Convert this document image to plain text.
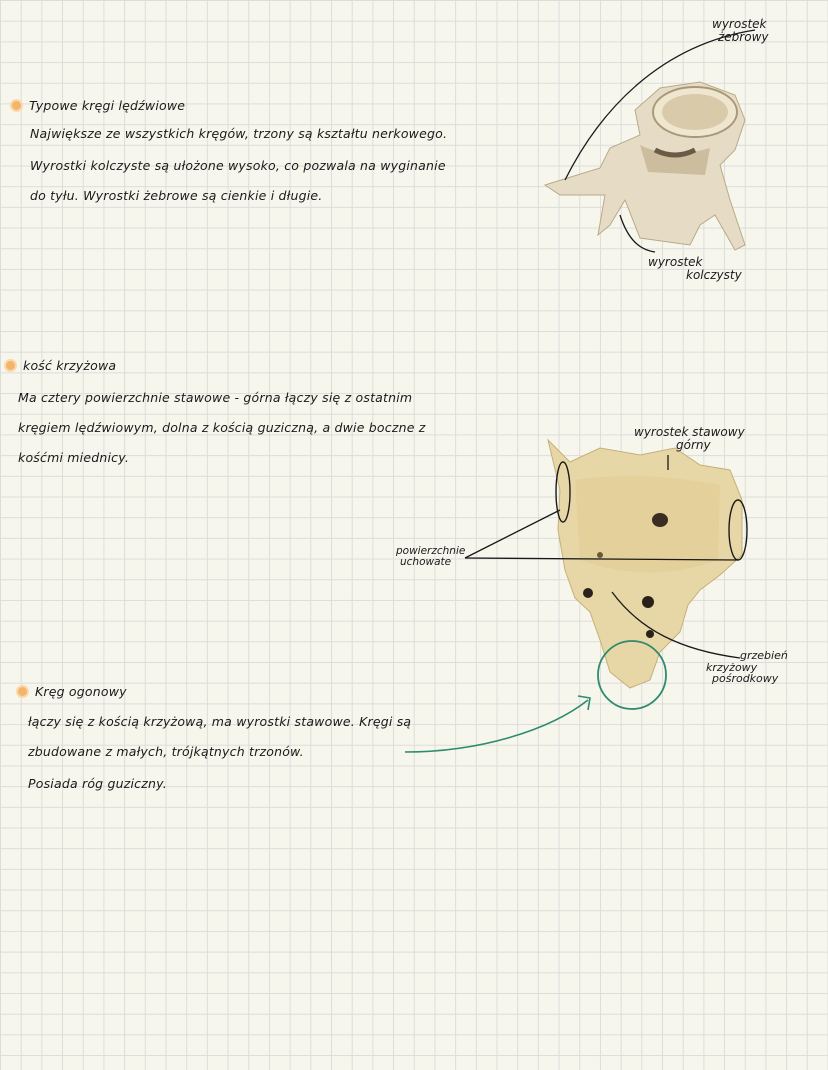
Typowe kręgi lędźwiowe
Największe ze wszystkich kręgów, trzony są kształtu nerkowego.
Wyrostki kolczyste są ułożone wysoko, co pozwala na wyginanie
do tyłu. Wyrostki żebrowe są cienkie i długie.
wyrostek
żebrowy
wyrostek
kolczysty
kość krzyżowa
Ma cztery powierzchnie stawowe - górna łączy się z ostatnim
kręgiem lędźwiowym, dolna z kością guziczną, a dwie boczne z
kośćmi miednicy.
wyrostek stawowy
górny
powierzchnie
uchowate
grzebień
krzyżowy
pośrodkowy
Kręg ogonowy
łączy się z kością krzyżową, ma wyrostki stawowe. Kręgi są
zbudowane z małych, trójkątnych trzonów.
Posiada róg guziczny.
